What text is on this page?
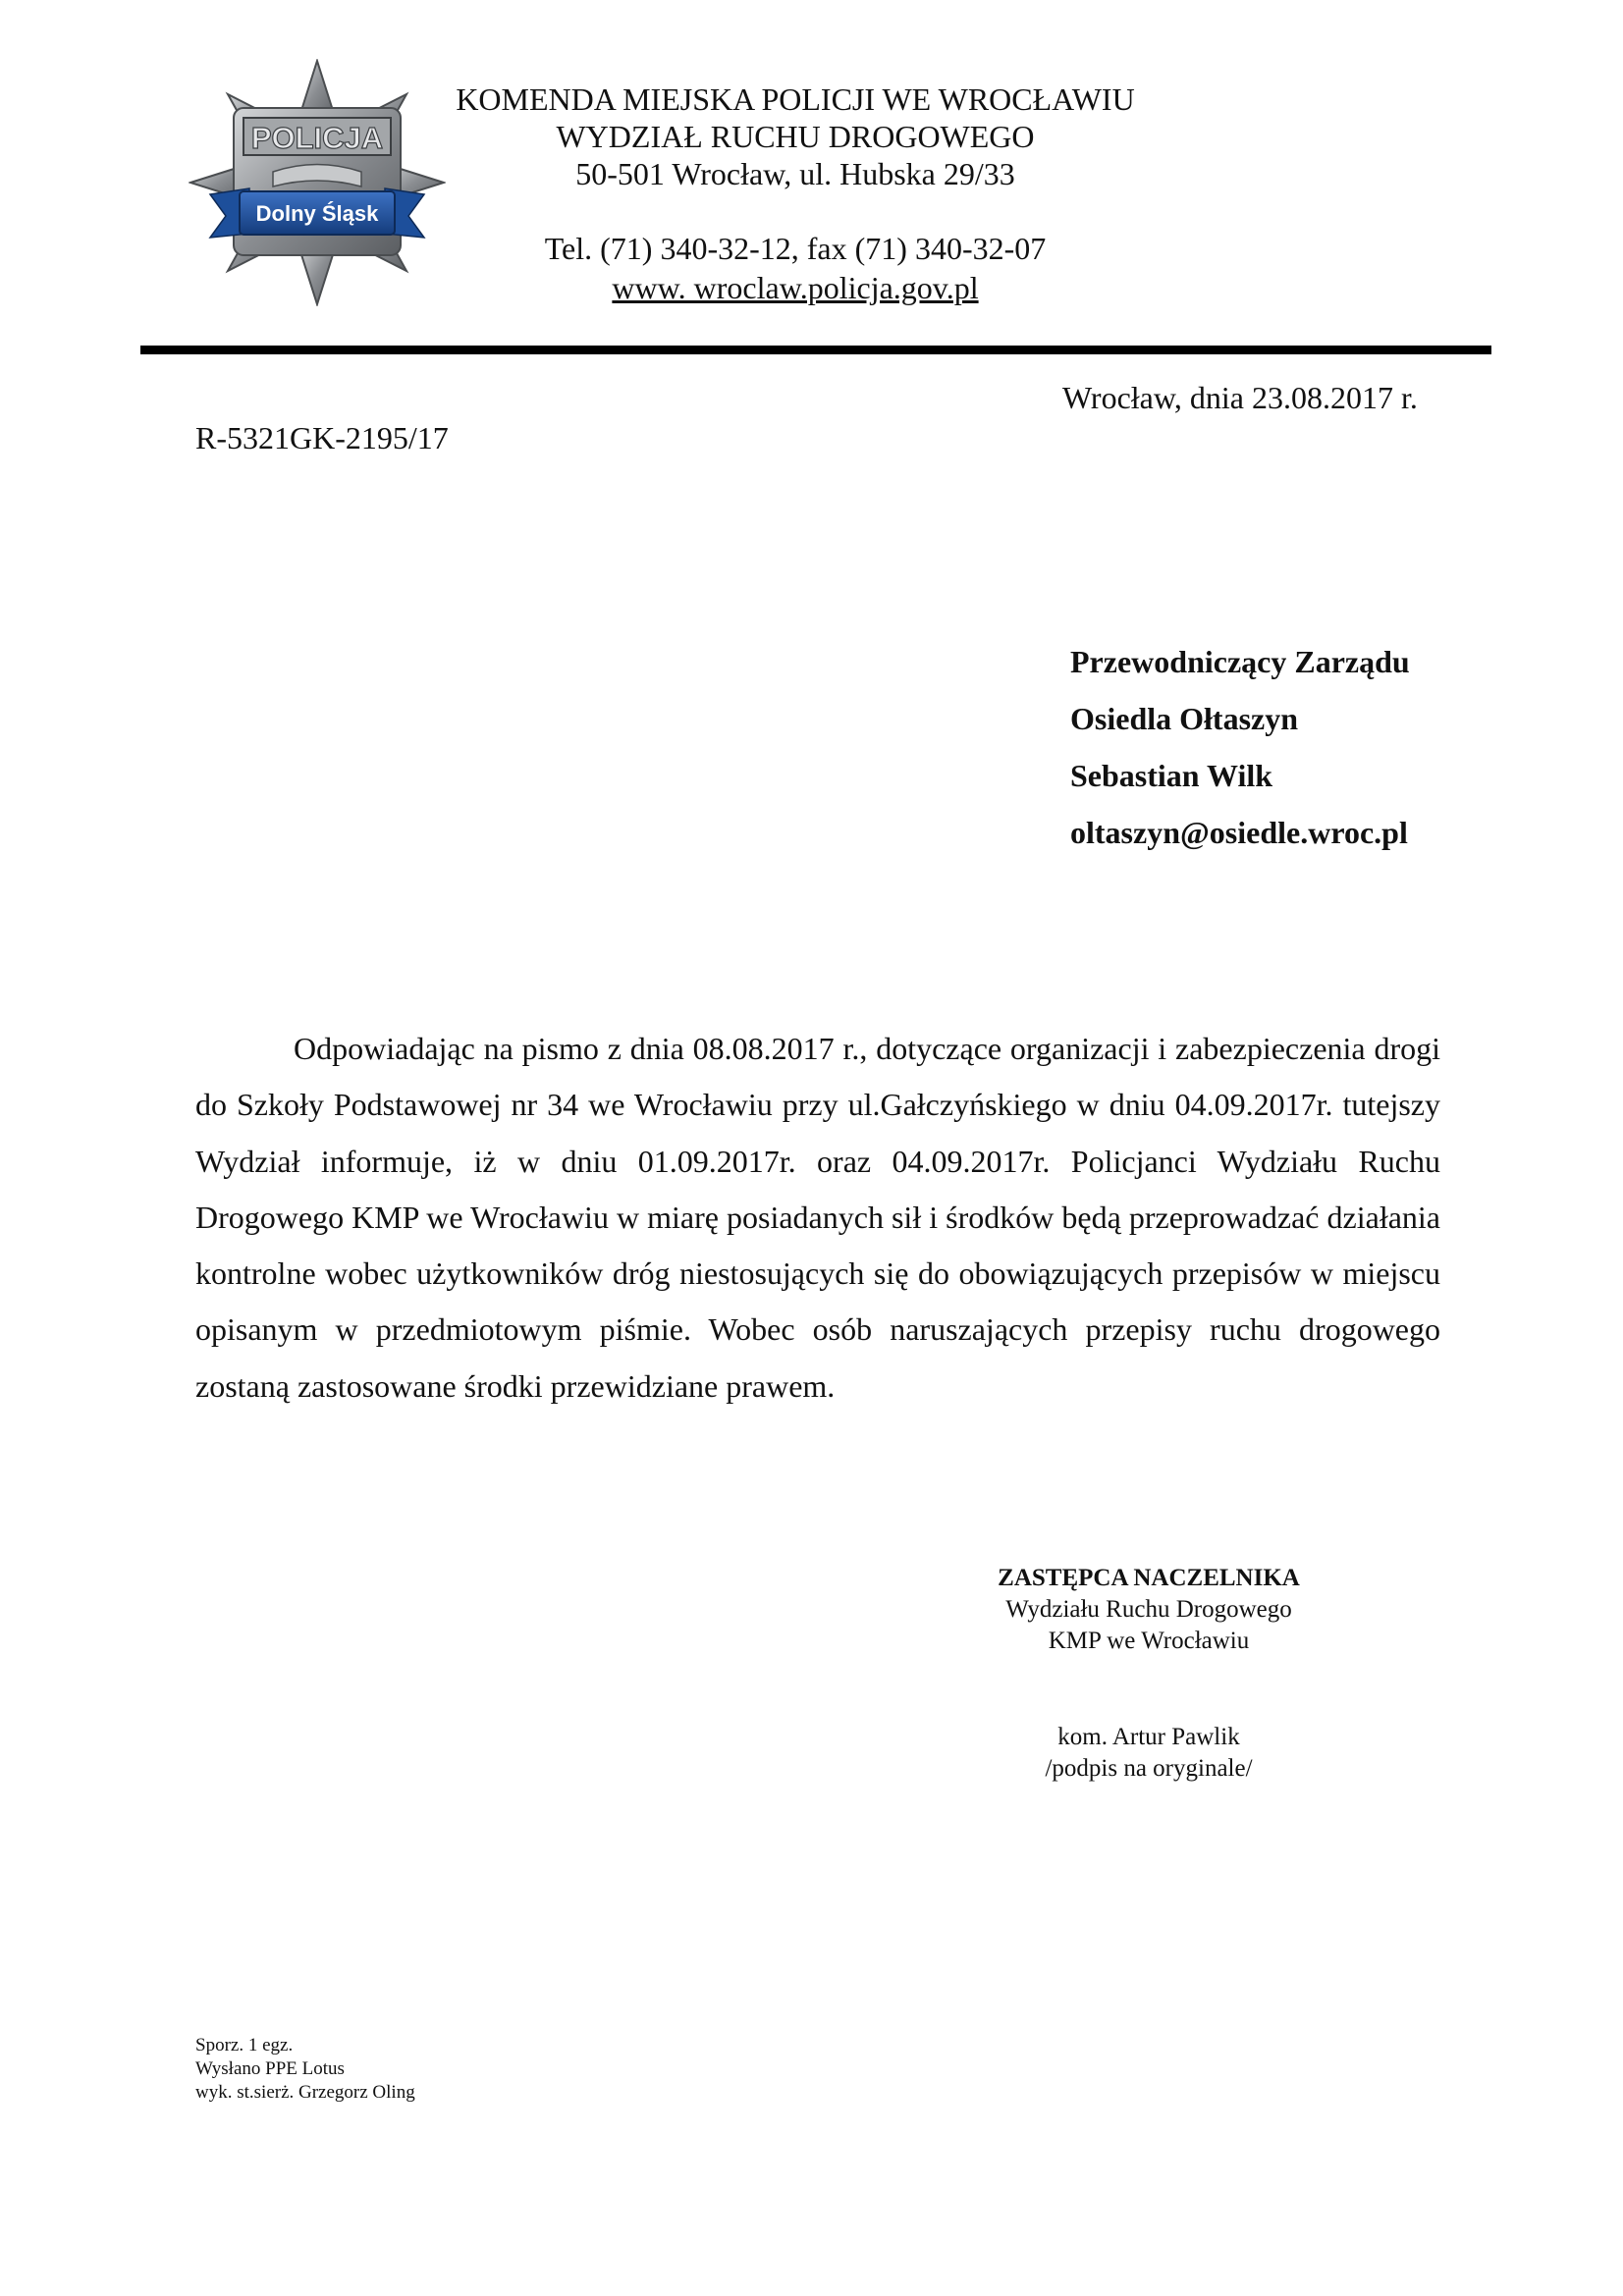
POLICJA
Dolny Śląsk
KOMENDA MIEJSKA POLICJI WE WROCŁAWIU
WYDZIAŁ RUCHU DROGOWEGO
50-501 Wrocław, ul. Hubska 29/33
Tel. (71) 340-32-12, fax (71) 340-32-07
www. wroclaw.policja.gov.pl
Wrocław, dnia 23.08.2017 r.
R-5321GK-2195/17
Przewodniczący Zarządu
Osiedla Ołtaszyn
Sebastian Wilk
oltaszyn@osiedle.wroc.pl
Odpowiadając na pismo z dnia 08.08.2017 r., dotyczące organizacji i zabezpieczenia drogi do Szkoły Podstawowej nr 34 we Wrocławiu przy ul.Gałczyńskiego w dniu 04.09.2017r. tutejszy Wydział informuje, iż w dniu 01.09.2017r. oraz 04.09.2017r. Policjanci Wydziału Ruchu Drogowego KMP we Wrocławiu w miarę posiadanych sił i środków będą przeprowadzać działania kontrolne wobec użytkowników dróg niestosujących się do obowiązujących przepisów w miejscu opisanym w przedmiotowym piśmie. Wobec osób naruszających przepisy ruchu drogowego zostaną zastosowane środki przewidziane prawem.
ZASTĘPCA NACZELNIKA
Wydziału Ruchu Drogowego
KMP we Wrocławiu
kom. Artur Pawlik
/podpis na oryginale/
Sporz. 1 egz.
Wysłano PPE Lotus
wyk. st.sierż. Grzegorz Oling
